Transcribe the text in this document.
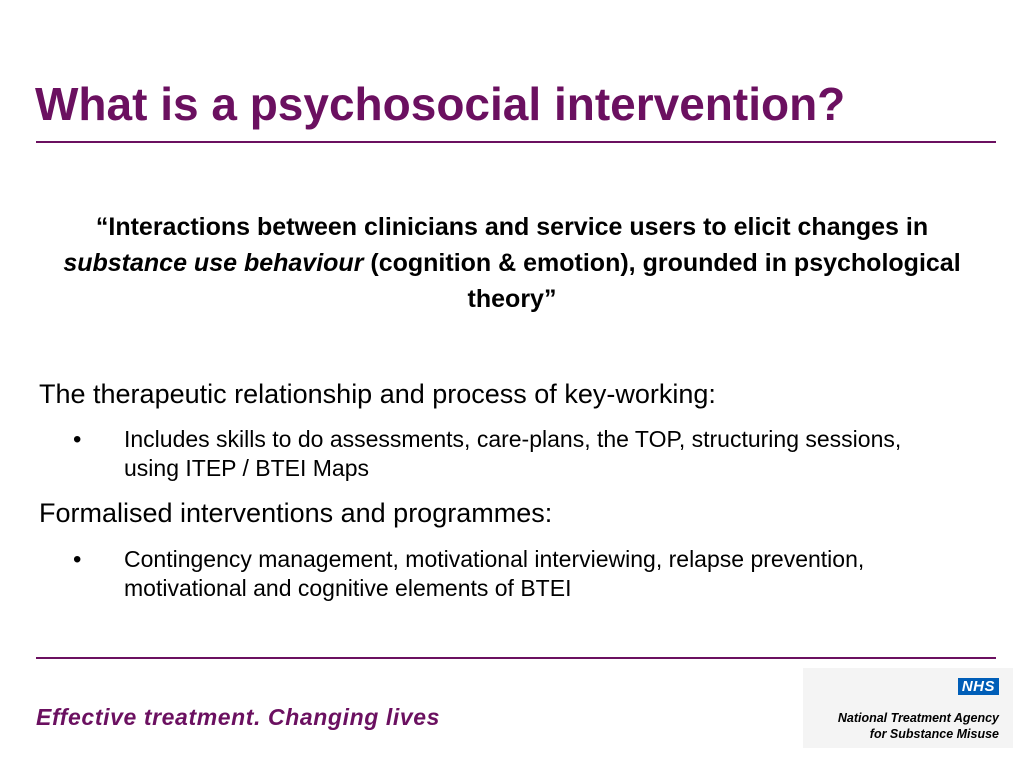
What is a psychosocial intervention?

“Interactions between clinicians and service users to elicit changes in substance use behaviour (cognition & emotion), grounded in psychological theory”

The therapeutic relationship and process of key-working:

• Includes skills to do assessments, care-plans, the TOP, structuring sessions, using ITEP / BTEI Maps

Formalised interventions and programmes:

• Contingency management, motivational interviewing, relapse prevention, motivational and cognitive elements of BTEI

Effective treatment. Changing lives

NHS
National Treatment Agency
for Substance Misuse
